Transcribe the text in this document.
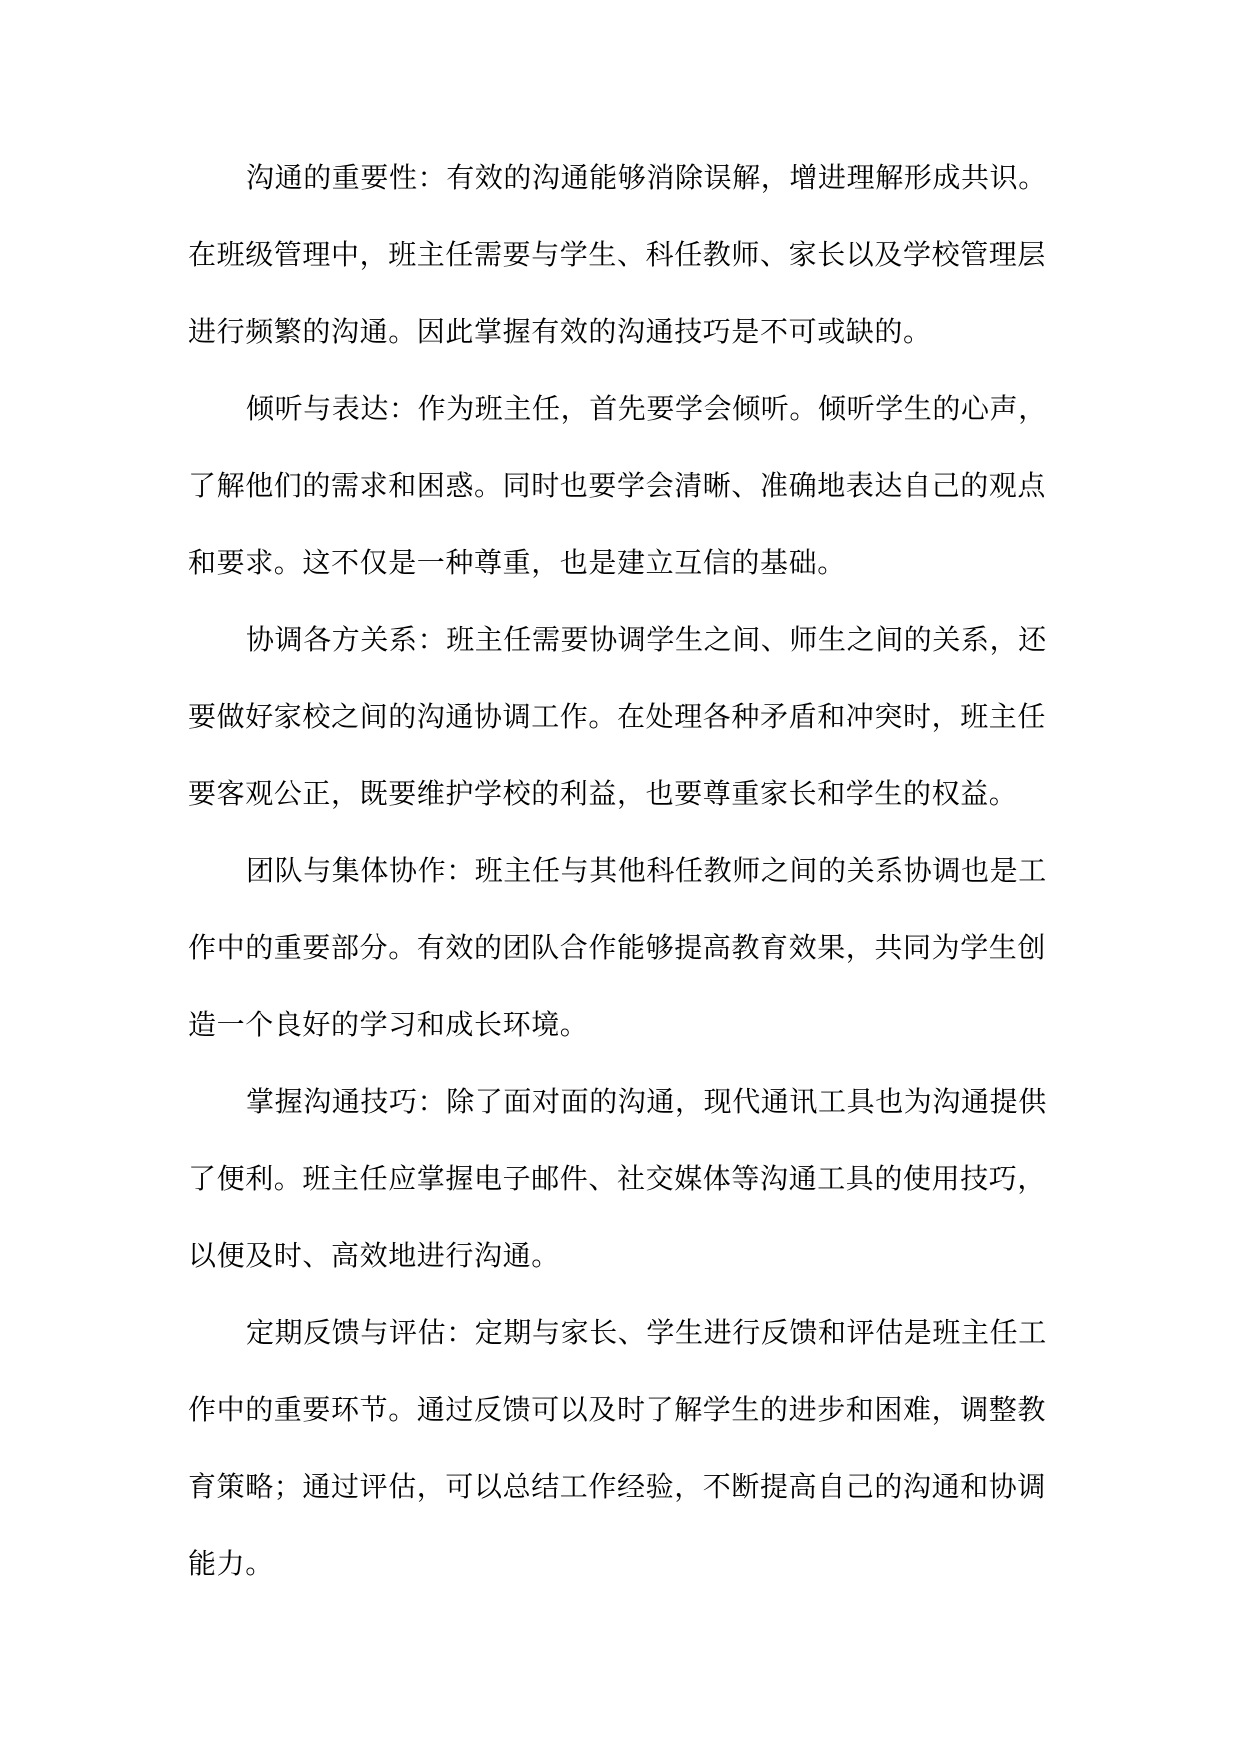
沟通的重要性：有效的沟通能够消除误解，增进理解形成共识。
在班级管理中，班主任需要与学生、科任教师、家长以及学校管理层
进行频繁的沟通。因此掌握有效的沟通技巧是不可或缺的。
倾听与表达：作为班主任，首先要学会倾听。倾听学生的心声，
了解他们的需求和困惑。同时也要学会清晰、准确地表达自己的观点
和要求。这不仅是一种尊重，也是建立互信的基础。
协调各方关系：班主任需要协调学生之间、师生之间的关系，还
要做好家校之间的沟通协调工作。在处理各种矛盾和冲突时，班主任
要客观公正，既要维护学校的利益，也要尊重家长和学生的权益。
团队与集体协作：班主任与其他科任教师之间的关系协调也是工
作中的重要部分。有效的团队合作能够提高教育效果，共同为学生创
造一个良好的学习和成长环境。
掌握沟通技巧：除了面对面的沟通，现代通讯工具也为沟通提供
了便利。班主任应掌握电子邮件、社交媒体等沟通工具的使用技巧，
以便及时、高效地进行沟通。
定期反馈与评估：定期与家长、学生进行反馈和评估是班主任工
作中的重要环节。通过反馈可以及时了解学生的进步和困难，调整教
育策略；通过评估，可以总结工作经验，不断提高自己的沟通和协调
能力。
